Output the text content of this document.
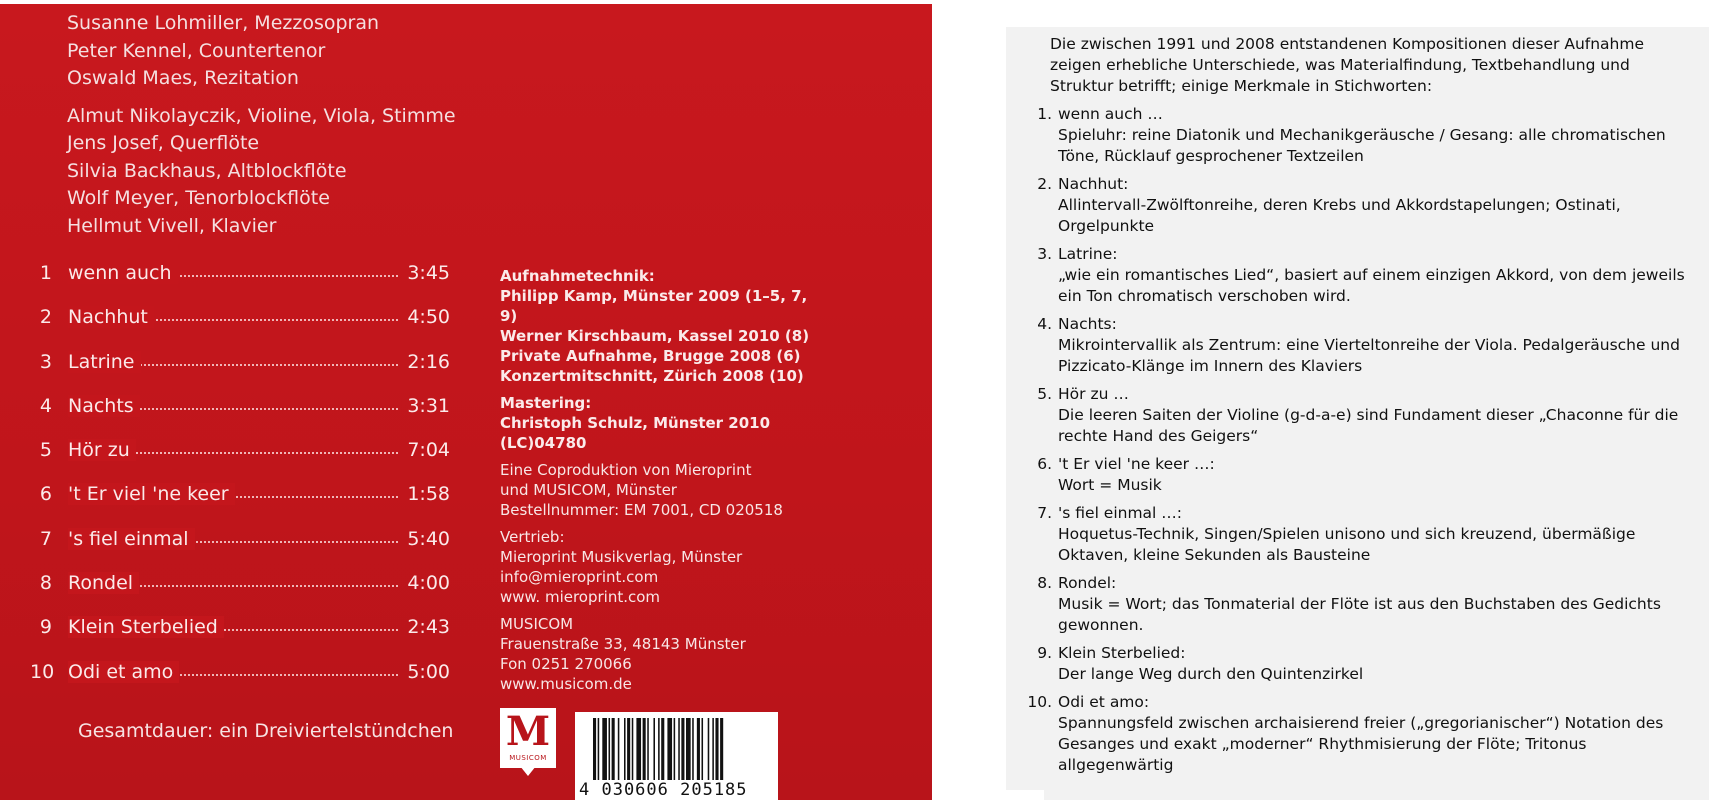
Susanne Lohmiller, Mezzosopran
Peter Kennel, Countertenor
Oswald Maes, Rezitation
Almut Nikolayczik, Violine, Viola, Stimme
Jens Josef, Querflöte
Silvia Backhaus, Altblockflöte
Wolf Meyer, Tenorblockflöte
Hellmut Vivell, Klavier
1 wenn auch	3:45
2 Nachhut	4:50
3 Latrine	2:16
4 Nachts	3:31
5 Hör zu	7:04
6 't Er viel 'ne keer	1:58
7 's fiel einmal	5:40
8 Rondel	4:00
9 Klein Sterbelied	2:43
10 Odi et amo	5:00
Gesamtdauer: ein Dreiviertelstündchen
Aufnahmetechnik:
Philipp Kamp, Münster 2009 (1–5, 7, 9)
Werner Kirschbaum, Kassel 2010 (8)
Private Aufnahme, Brugge 2008 (6)
Konzertmitschnitt, Zürich 2008 (10)
Mastering:
Christoph Schulz, Münster 2010
(LC)04780
Eine Coproduktion von Mieroprint
und MUSICOM, Münster
Bestellnummer: EM 7001, CD 020518
Vertrieb:
Mieroprint Musikverlag, Münster
info@mieroprint.com
www. mieroprint.com
MUSICOM
Frauenstraße 33, 48143 Münster
Fon 0251 270066
www.musicom.de
M
MUSICOM
4 030606 205185
Die zwischen 1991 und 2008 entstandenen Kompositionen dieser Aufnahme zeigen erhebliche Unterschiede, was Materialfindung, Textbehandlung und Struktur betrifft; einige Merkmale in Stichworten:
1. wenn auch …
Spieluhr: reine Diatonik und Mechanikgeräusche / Gesang: alle chromatischen Töne, Rücklauf gesprochener Textzeilen
2. Nachhut:
Allintervall-Zwölftonreihe, deren Krebs und Akkordstapelungen; Ostinati, Orgelpunkte
3. Latrine:
„wie ein romantisches Lied“, basiert auf einem einzigen Akkord, von dem jeweils ein Ton chromatisch verschoben wird.
4. Nachts:
Mikrointervallik als Zentrum: eine Vierteltonreihe der Viola. Pedalgeräusche und Pizzicato-Klänge im Innern des Klaviers
5. Hör zu …
Die leeren Saiten der Violine (g-d-a-e) sind Fundament dieser „Chaconne für die rechte Hand des Geigers“
6. 't Er viel 'ne keer …:
Wort = Musik
7. 's fiel einmal …:
Hoquetus-Technik, Singen/Spielen unisono und sich kreuzend, übermäßige Oktaven, kleine Sekunden als Bausteine
8. Rondel:
Musik = Wort; das Tonmaterial der Flöte ist aus den Buchstaben des Gedichts gewonnen.
9. Klein Sterbelied:
Der lange Weg durch den Quintenzirkel
10. Odi et amo:
Spannungsfeld zwischen archaisierend freier („gregorianischer“) Notation des Gesanges und exakt „moderner“ Rhythmisierung der Flöte; Tritonus allgegenwärtig
